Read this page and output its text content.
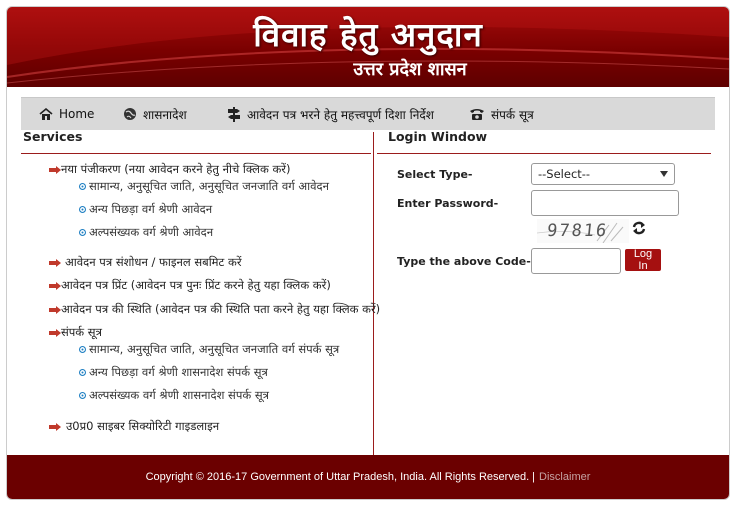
विवाह हेतु अनुदान
उत्तर प्रदेश शासन
Home	शासनादेश	आवेदन पत्र भरने हेतु महत्त्वपूर्ण दिशा निर्देश	संपर्क सूत्र
Services
नया पंजीकरण (नया आवेदन करने हेतु नीचे क्लिक करें)
सामान्य, अनुसूचित जाति, अनुसूचित जनजाति वर्ग आवेदन
अन्य पिछड़ा वर्ग श्रेणी आवेदन
अल्पसंख्यक वर्ग श्रेणी आवेदन
आवेदन पत्र संशोधन / फाइनल सबमिट करें
आवेदन पत्र प्रिंट (आवेदन पत्र पुनः प्रिंट करने हेतु यहा क्लिक करें)
आवेदन पत्र की स्थिति (आवेदन पत्र की स्थिति पता करने हेतु यहा क्लिक करें)
संपर्क सूत्र
सामान्य, अनुसूचित जाति, अनुसूचित जनजाति वर्ग संपर्क सूत्र
अन्य पिछड़ा वर्ग श्रेणी शासनादेश संपर्क सूत्र
अल्पसंख्यक वर्ग श्रेणी शासनादेश संपर्क सूत्र
उ0प्र0 साइबर सिक्योरिटी गाइडलाइन
Login Window
Select Type-	--Select--
Enter Password-
97816
Type the above Code-
Log In
Copyright © 2016-17 Government of Uttar Pradesh, India. All Rights Reserved. | Disclaimer
